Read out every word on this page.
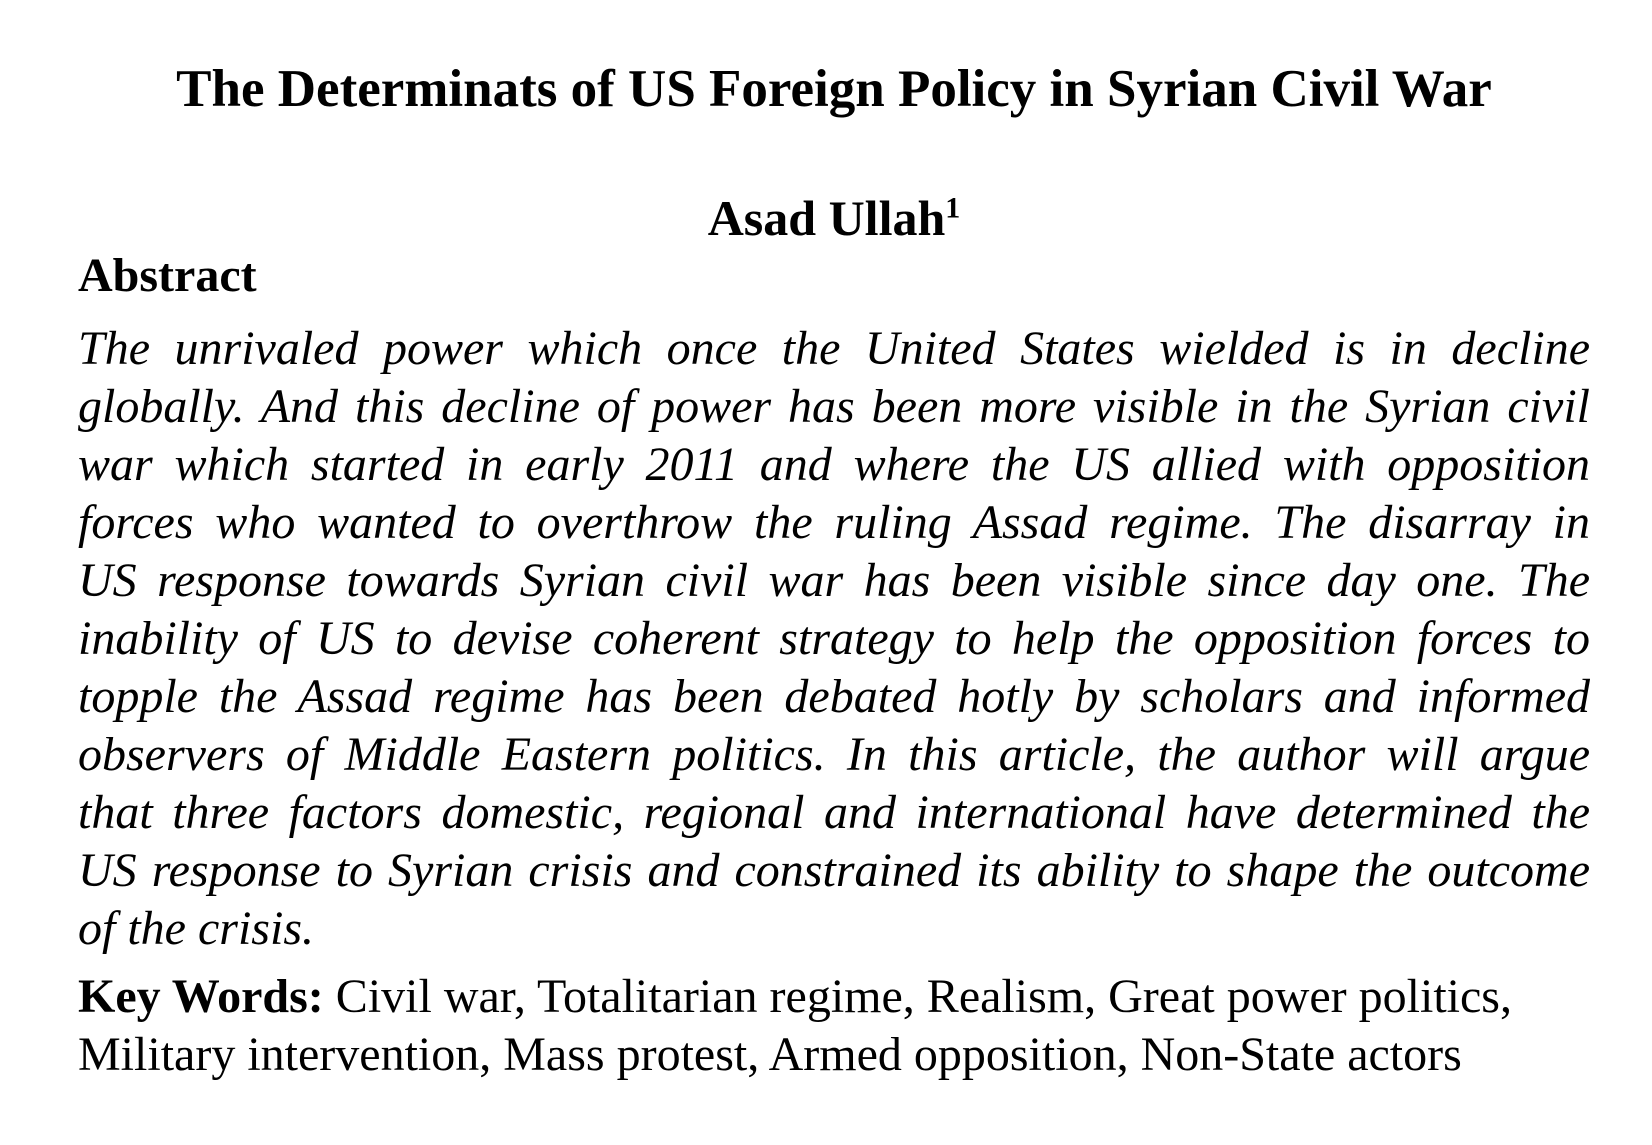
The Determinats of US Foreign Policy in Syrian Civil War

Asad Ullah$^1$

Abstract
The unrivaled power which once the United States wielded is in decline
globally. And this decline of power has been more visible in the Syrian civil
war which started in early 2011 and where the US allied with opposition
forces who wanted to overthrow the ruling Assad regime. The disarray in
US response towards Syrian civil war has been visible since day one. The
inability of US to devise coherent strategy to help the opposition forces to
topple the Assad regime has been debated hotly by scholars and informed
observers of Middle Eastern politics. In this article, the author will argue
that three factors domestic, regional and international have determined the
US response to Syrian crisis and constrained its ability to shape the outcome
of the crisis.

Key Words: Civil war, Totalitarian regime, Realism, Great power politics, Military intervention, Mass protest, Armed opposition, Non-State actors
